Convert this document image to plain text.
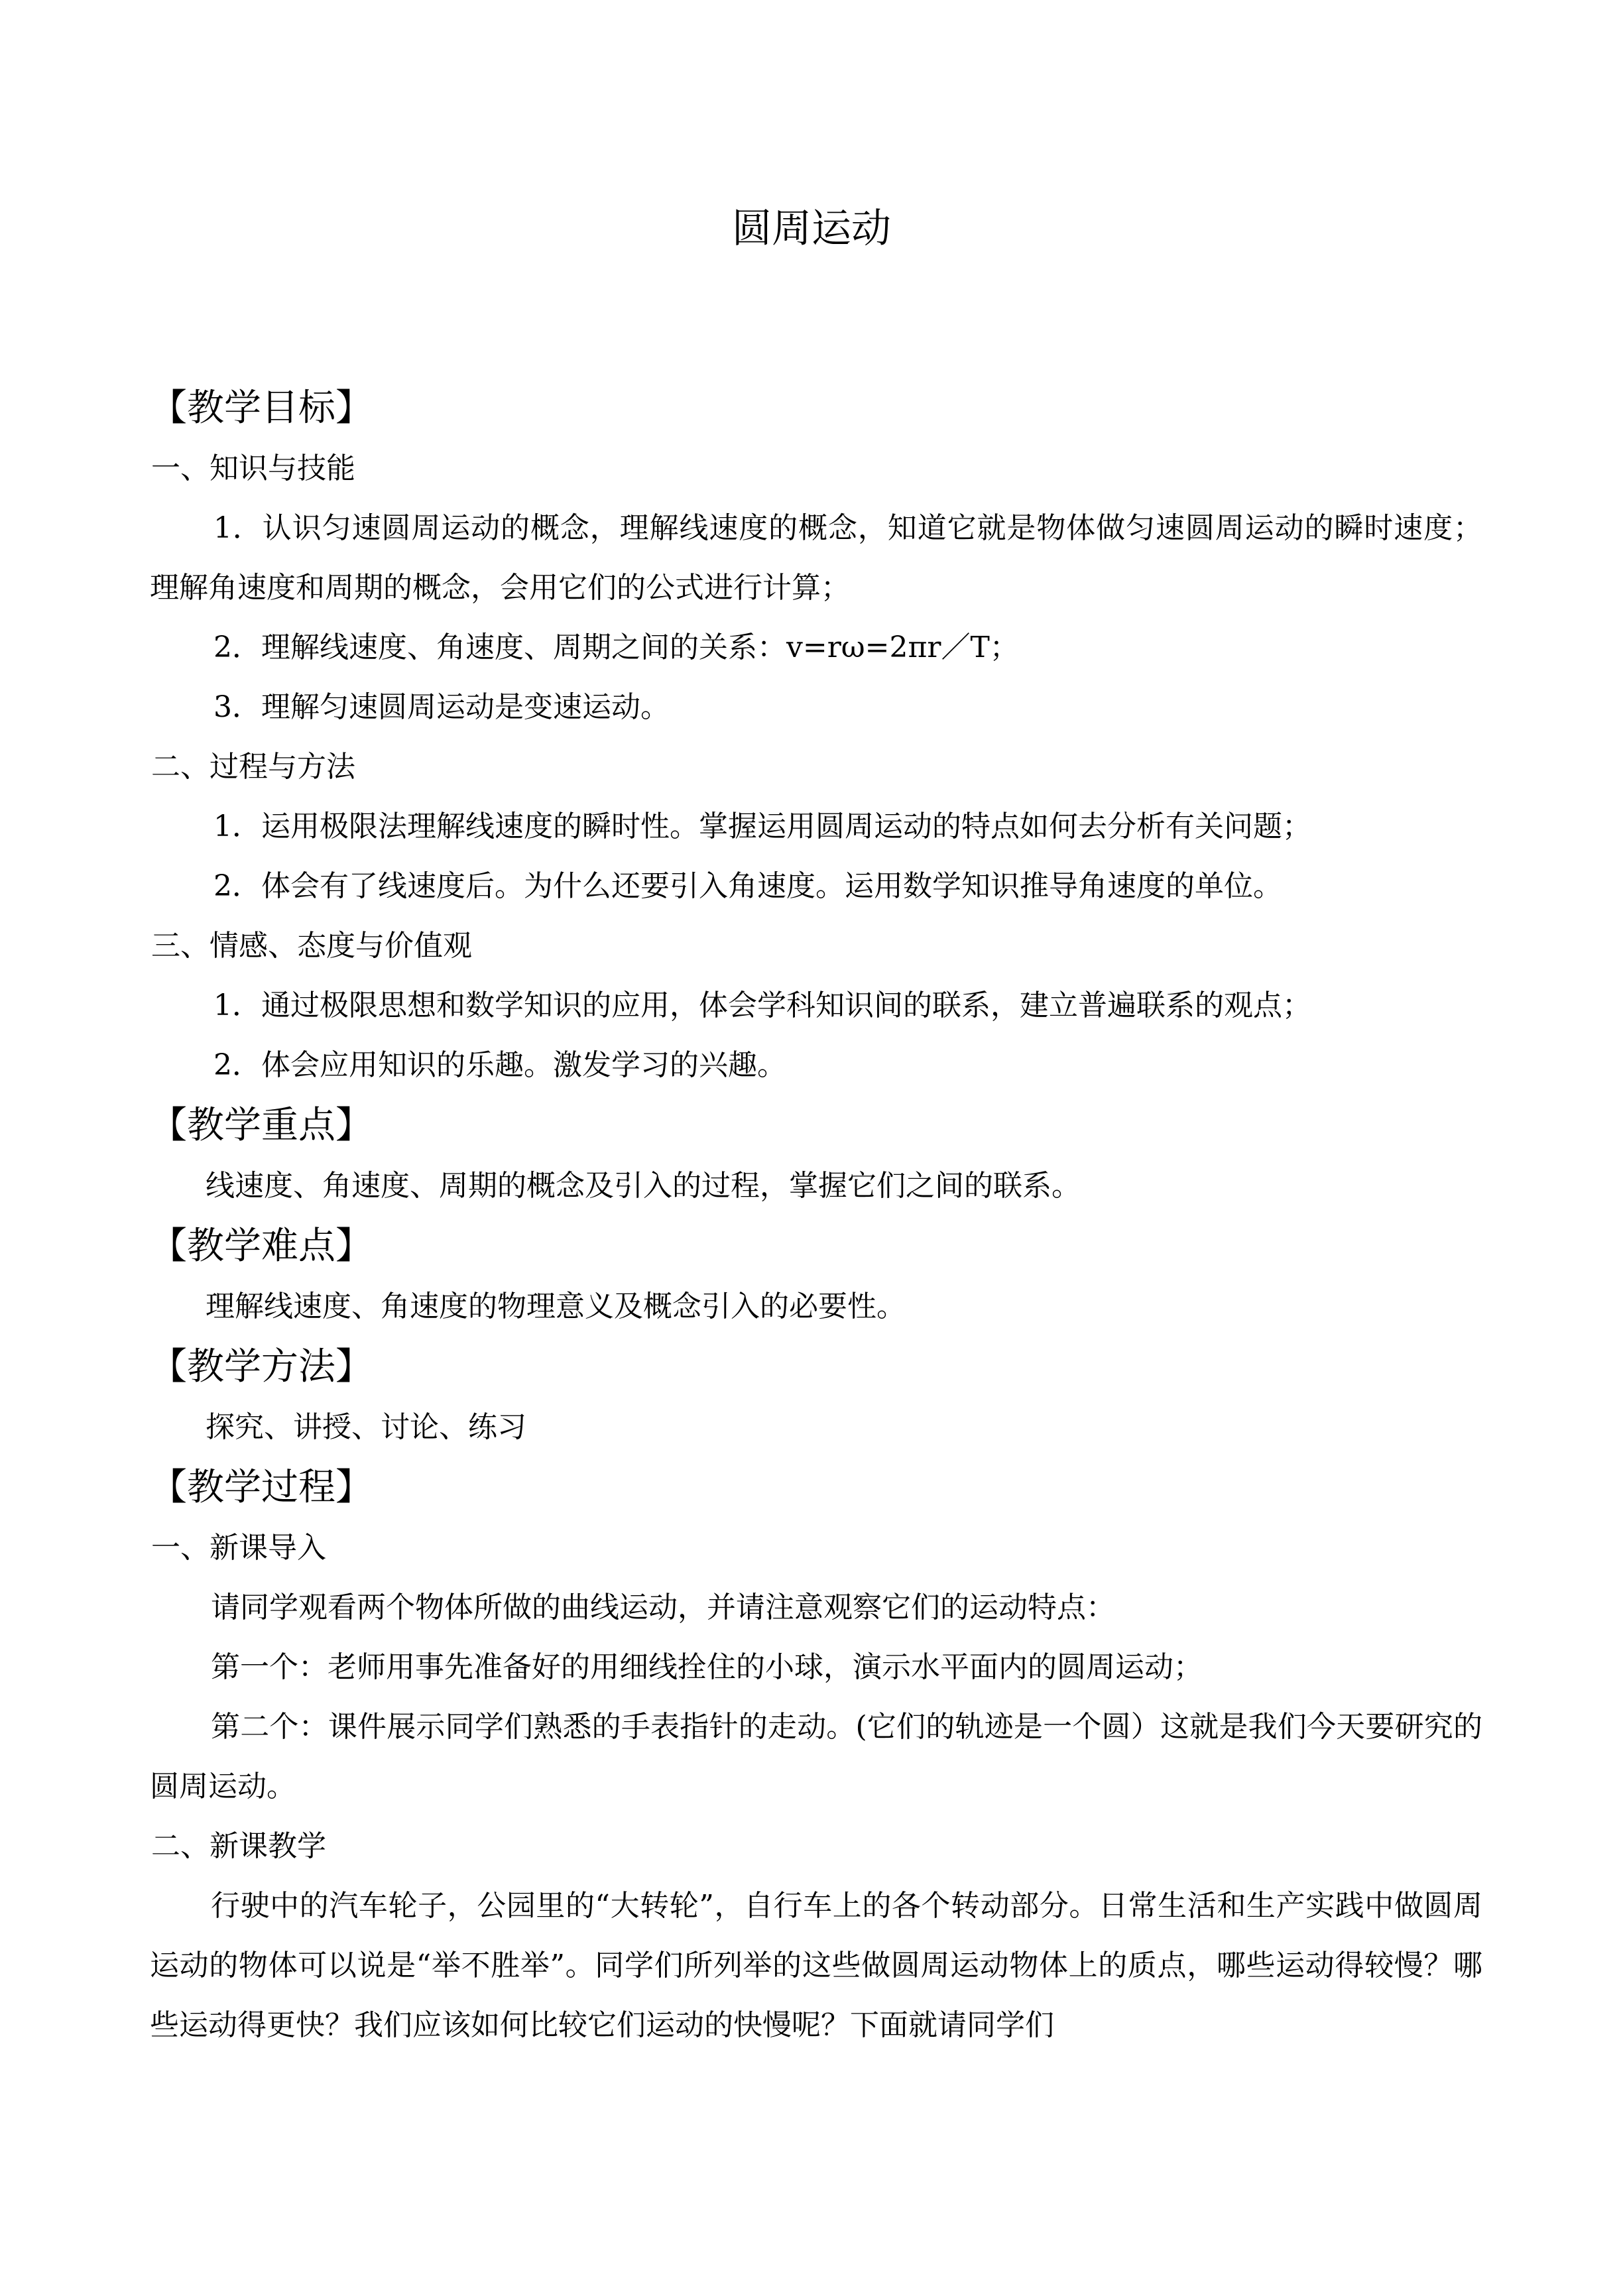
圆周运动
【教学目标】
一、知识与技能
1．认识匀速圆周运动的概念，理解线速度的概念，知道它就是物体做匀速圆周运动的瞬时速度；理解角速度和周期的概念，会用它们的公式进行计算；
2．理解线速度、角速度、周期之间的关系：v=rω=2πr／T；
3．理解匀速圆周运动是变速运动。
二、过程与方法
1．运用极限法理解线速度的瞬时性。掌握运用圆周运动的特点如何去分析有关问题；
2．体会有了线速度后。为什么还要引入角速度。运用数学知识推导角速度的单位。
三、情感、态度与价值观
1．通过极限思想和数学知识的应用，体会学科知识间的联系，建立普遍联系的观点；
2．体会应用知识的乐趣。激发学习的兴趣。
【教学重点】
线速度、角速度、周期的概念及引入的过程，掌握它们之间的联系。
【教学难点】
理解线速度、角速度的物理意义及概念引入的必要性。
【教学方法】
探究、讲授、讨论、练习
【教学过程】
一、新课导入
请同学观看两个物体所做的曲线运动，并请注意观察它们的运动特点：
第一个：老师用事先准备好的用细线拴住的小球，演示水平面内的圆周运动；
第二个：课件展示同学们熟悉的手表指针的走动。(它们的轨迹是一个圆）这就是我们今天要研究的圆周运动。
二、新课教学
行驶中的汽车轮子，公园里的“大转轮”，自行车上的各个转动部分。日常生活和生产实践中做圆周运动的物体可以说是“举不胜举”。同学们所列举的这些做圆周运动物体上的质点，哪些运动得较慢？哪些运动得更快？我们应该如何比较它们运动的快慢呢？下面就请同学们
